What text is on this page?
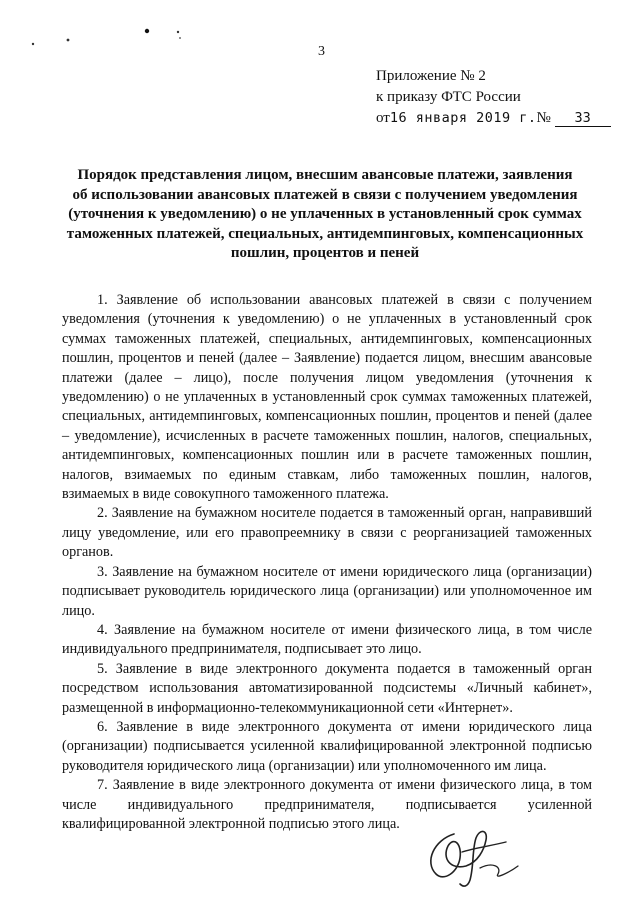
3
Приложение № 2
к приказу ФТС России
от16 января 2019 г.№ 33
Порядок представления лицом, внесшим авансовые платежи, заявления
об использовании авансовых платежей в связи с получением уведомления
(уточнения к уведомлению) о не уплаченных в установленный срок суммах
таможенных платежей, специальных, антидемпинговых, компенсационных
пошлин, процентов и пеней

1. Заявление об использовании авансовых платежей в связи с получением уведомления (уточнения к уведомлению) о не уплаченных в установленный срок суммах таможенных платежей, специальных, антидемпинговых, компенсационных пошлин, процентов и пеней (далее – Заявление) подается лицом, внесшим авансовые платежи (далее – лицо), после получения лицом уведомления (уточнения к уведомлению) о не уплаченных в установленный срок суммах таможенных платежей, специальных, антидемпинговых, компенсационных пошлин, процентов и пеней (далее – уведомление), исчисленных в расчете таможенных пошлин, налогов, специальных, антидемпинговых, компенсационных пошлин или в расчете таможенных пошлин, налогов, взимаемых по единым ставкам, либо таможенных пошлин, налогов, взимаемых в виде совокупного таможенного платежа.

2. Заявление на бумажном носителе подается в таможенный орган, направивший лицу уведомление, или его правопреемнику в связи с реорганизацией таможенных органов.

3. Заявление на бумажном носителе от имени юридического лица (организации) подписывает руководитель юридического лица (организации) или уполномоченное им лицо.

4. Заявление на бумажном носителе от имени физического лица, в том числе индивидуального предпринимателя, подписывает это лицо.

5. Заявление в виде электронного документа подается в таможенный орган посредством использования автоматизированной подсистемы «Личный кабинет», размещенной в информационно-телекоммуникационной сети «Интернет».

6. Заявление в виде электронного документа от имени юридического лица (организации) подписывается усиленной квалифицированной электронной подписью руководителя юридического лица (организации) или уполномоченного им лица.

7. Заявление в виде электронного документа от имени физического лица, в том числе индивидуального предпринимателя, подписывается усиленной квалифицированной электронной подписью этого лица.
